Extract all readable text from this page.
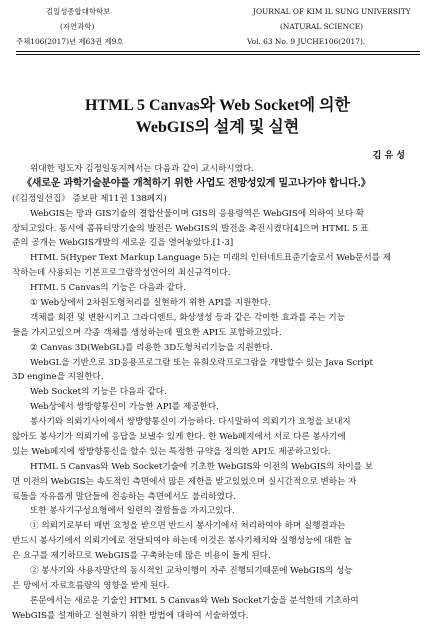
김일성종합대학학보
(자연과학)
주체106(2017)년 제63권 제9호
JOURNAL OF KIM IL SUNG UNIVERSITY
(NATURAL SCIENCE)
Vol. 63 No. 9 JUCHE106(2017).
HTML 5 Canvas와 Web Socket에 의한
WebGIS의 설계 및 실현
김 유 성
위대한 령도자 김정일동지께서는 다음과 같이 교시하시였다.
《새로운 과학기술분야를 개척하기 위한 사업도 전망성있게 밀고나가야 합니다.》
(《김정일선집》 증보판 제11권 138페지)
WebGIS는 망과 GIS기술의 결합산물이며 GIS의 응용령역은 WebGIS에 의하여 보다 확
장되고있다. 동시에 콤퓨터망기술의 발전은 WebGIS의 발전을 촉진시켰다[4]으며 HTML 5 표
준의 공개는 WebGIS개발의 새로운 길을 열어놓았다.[1-3]
HTML 5(Hyper Text Markup Language 5)는 미래의 인터네트표준기술로서 Web문서를 제
작하는데 사용되는 기본프로그람작성언어의 최신규격이다.
HTML 5 Canvas의 기능은 다음과 같다.
① Web상에서 2차원도형처리를 실현하기 위한 API를 지원한다.
객체를 회전 및 변환시키고 그라디엔트, 화상생성 등과 같은 각이한 효과를 주는 기능
들을 가지고있으며 각종 객체를 생성하는데 필요한 API도 포함하고있다.
② Canvas 3D(WebGL)를 리용한 3D도형처리기능을 지원한다.
WebGL을 기반으로 3D응용프로그람 또는 유희오락프로그람을 개발할수 있는 Java Script
3D engine을 지원한다.
Web Socket의 기능은 다음과 같다.
Web상에서 쌍방향통신이 가능한 API를 제공한다.
봉사기와 의뢰기사이에서 쌍방향통신이 가능하다. 다시말하여 의뢰기가 요청을 보내지
않아도 봉사기가 의뢰기에 응답을 보낼수 있게 한다. 한 Web페지에서 서로 다른 봉사기에
있는 Web페지에 쌍방향통신을 할수 있는 특정한 규약을 정의한 API도 제공하고있다.
HTML 5 Canvas와 Web Socket기술에 기초한 WebGIS와 이전의 WebGIS의 차이를 보
면 이전의 WebGIS는 속도적인 측면에서 많은 제한을 받고있었으며 실시간적으로 변하는 자
료들을 자유롭게 말단들에 전송하는 측면에서도 불리하였다.
또한 봉사기구성요형에서 일련의 결함들을 가지고있다.
① 의뢰기로부터 매번 요청을 받으면 반드시 봉사기에서 처리하여야 하며 실행결과는
반드시 봉사기에서 의뢰기에로 전달되여야 하는데 이것은 봉사기체치와 실행성능에 대한 높
은 요구를 제기하므로 WebGIS를 구축하는데 많은 비용이 들게 된다.
② 봉사기와 사용자말단의 동시적인 교차이행이 자주 진행되기때문에 WebGIS의 성능
은 망에서 자료흐름량의 영향을 받게 된다.
론문에서는 새로운 기술인 HTML 5 Canvas와 Web Socket기술을 분석한데 기초하여
WebGIS를 설계하고 실현하기 위한 방법에 대하여 서술하였다.
